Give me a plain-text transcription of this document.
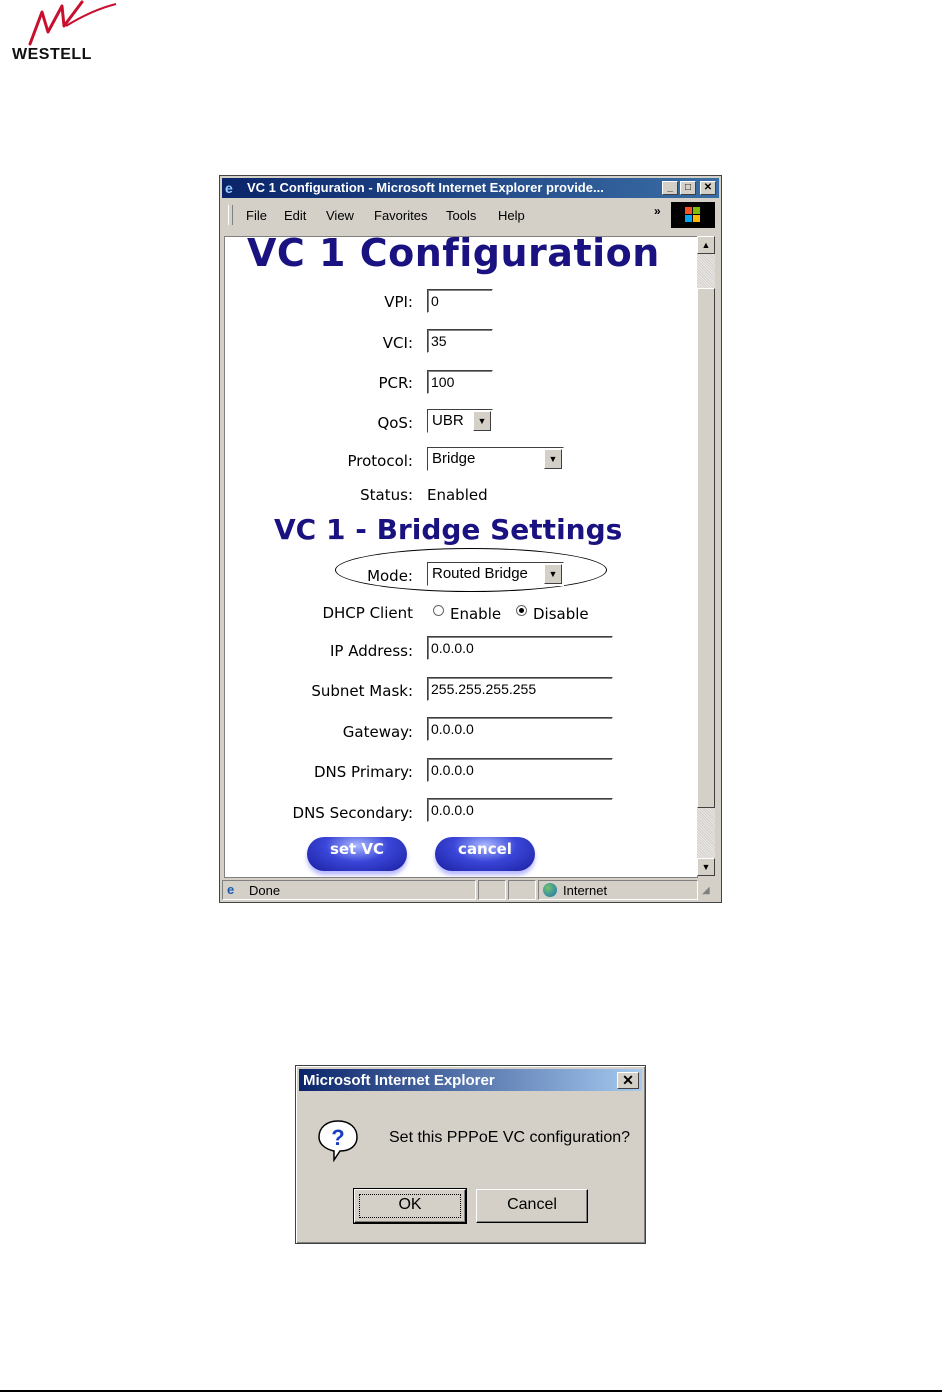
WESTELL
e	VC 1 Configuration - Microsoft Internet Explorer provide...	_	□	✕
File Edit View Favorites Tools Help	»
VC 1 Configuration
VPI:
0
VCI:
35
PCR:
100
QoS:	UBR	▼
Protocol:	Bridge	▼
Status: Enabled
VC 1 - Bridge Settings
Mode:	Routed Bridge	▼
DHCP Client Enable Disable
IP Address:
0.0.0.0
Subnet Mask:
255.255.255.255
Gateway:
0.0.0.0
DNS Primary:
0.0.0.0
DNS Secondary:
0.0.0.0
set VC	cancel
▲
▼
e Done	Internet	◢
Microsoft Internet Explorer	✕
?	Set this PPPoE VC configuration?
OK	Cancel
